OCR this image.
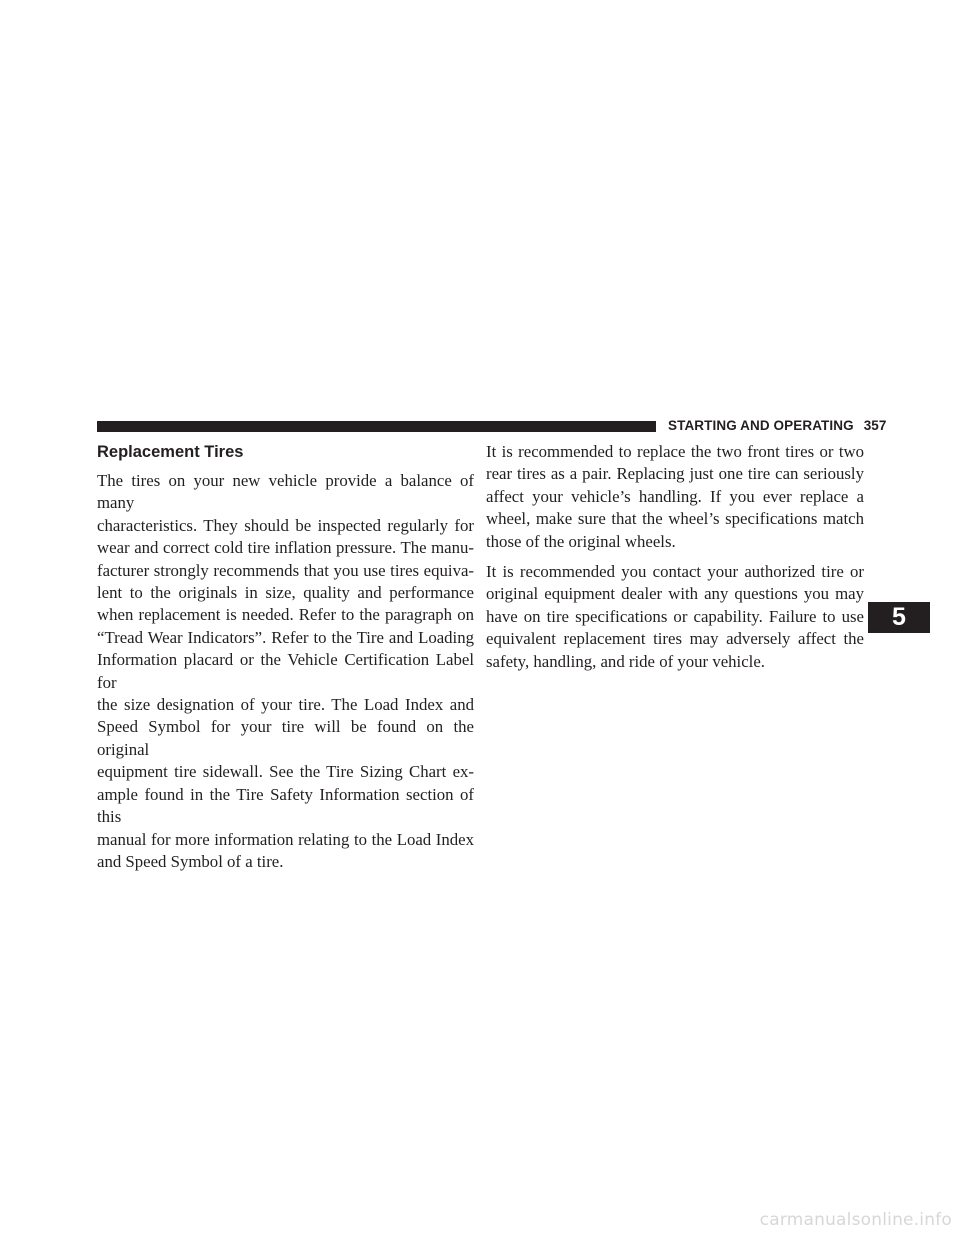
STARTING AND OPERATING 357
Replacement Tires

The tires on your new vehicle provide a balance of many
characteristics. They should be inspected regularly for
wear and correct cold tire inflation pressure. The manu-
facturer strongly recommends that you use tires equiva-
lent to the originals in size, quality and performance
when replacement is needed. Refer to the paragraph on
“Tread Wear Indicators”. Refer to the Tire and Loading
Information placard or the Vehicle Certification Label for
the size designation of your tire. The Load Index and
Speed Symbol for your tire will be found on the original
equipment tire sidewall. See the Tire Sizing Chart ex-
ample found in the Tire Safety Information section of this
manual for more information relating to the Load Index
and Speed Symbol of a tire.

It is recommended to replace the two front tires or two
rear tires as a pair. Replacing just one tire can seriously
affect your vehicle’s handling. If you ever replace a
wheel, make sure that the wheel’s specifications match
those of the original wheels.

It is recommended you contact your authorized tire or
original equipment dealer with any questions you may
have on tire specifications or capability. Failure to use
equivalent replacement tires may adversely affect the
safety, handling, and ride of your vehicle.

5
carmanualsonline.info
